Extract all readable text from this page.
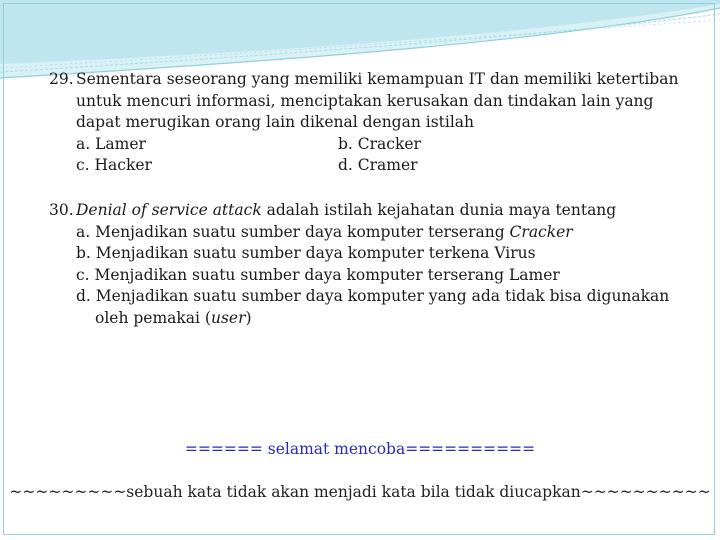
29. Sementara seseorang yang memiliki kemampuan IT dan memiliki ketertiban
untuk mencuri informasi, menciptakan kerusakan dan tindakan lain yang
dapat merugikan orang lain dikenal dengan istilah
a. Lamer	b. Cracker
c. Hacker	d. Cramer
30. Denial of service attack adalah istilah kejahatan dunia maya tentang
a. Menjadikan suatu sumber daya komputer terserang Cracker
b. Menjadikan suatu sumber daya komputer terkena Virus
c. Menjadikan suatu sumber daya komputer terserang Lamer
d. Menjadikan suatu sumber daya komputer yang ada tidak bisa digunakan
oleh pemakai (user)
====== selamat mencoba==========
~~~~~~~~~sebuah kata tidak akan menjadi kata bila tidak diucapkan~~~~~~~~~~
